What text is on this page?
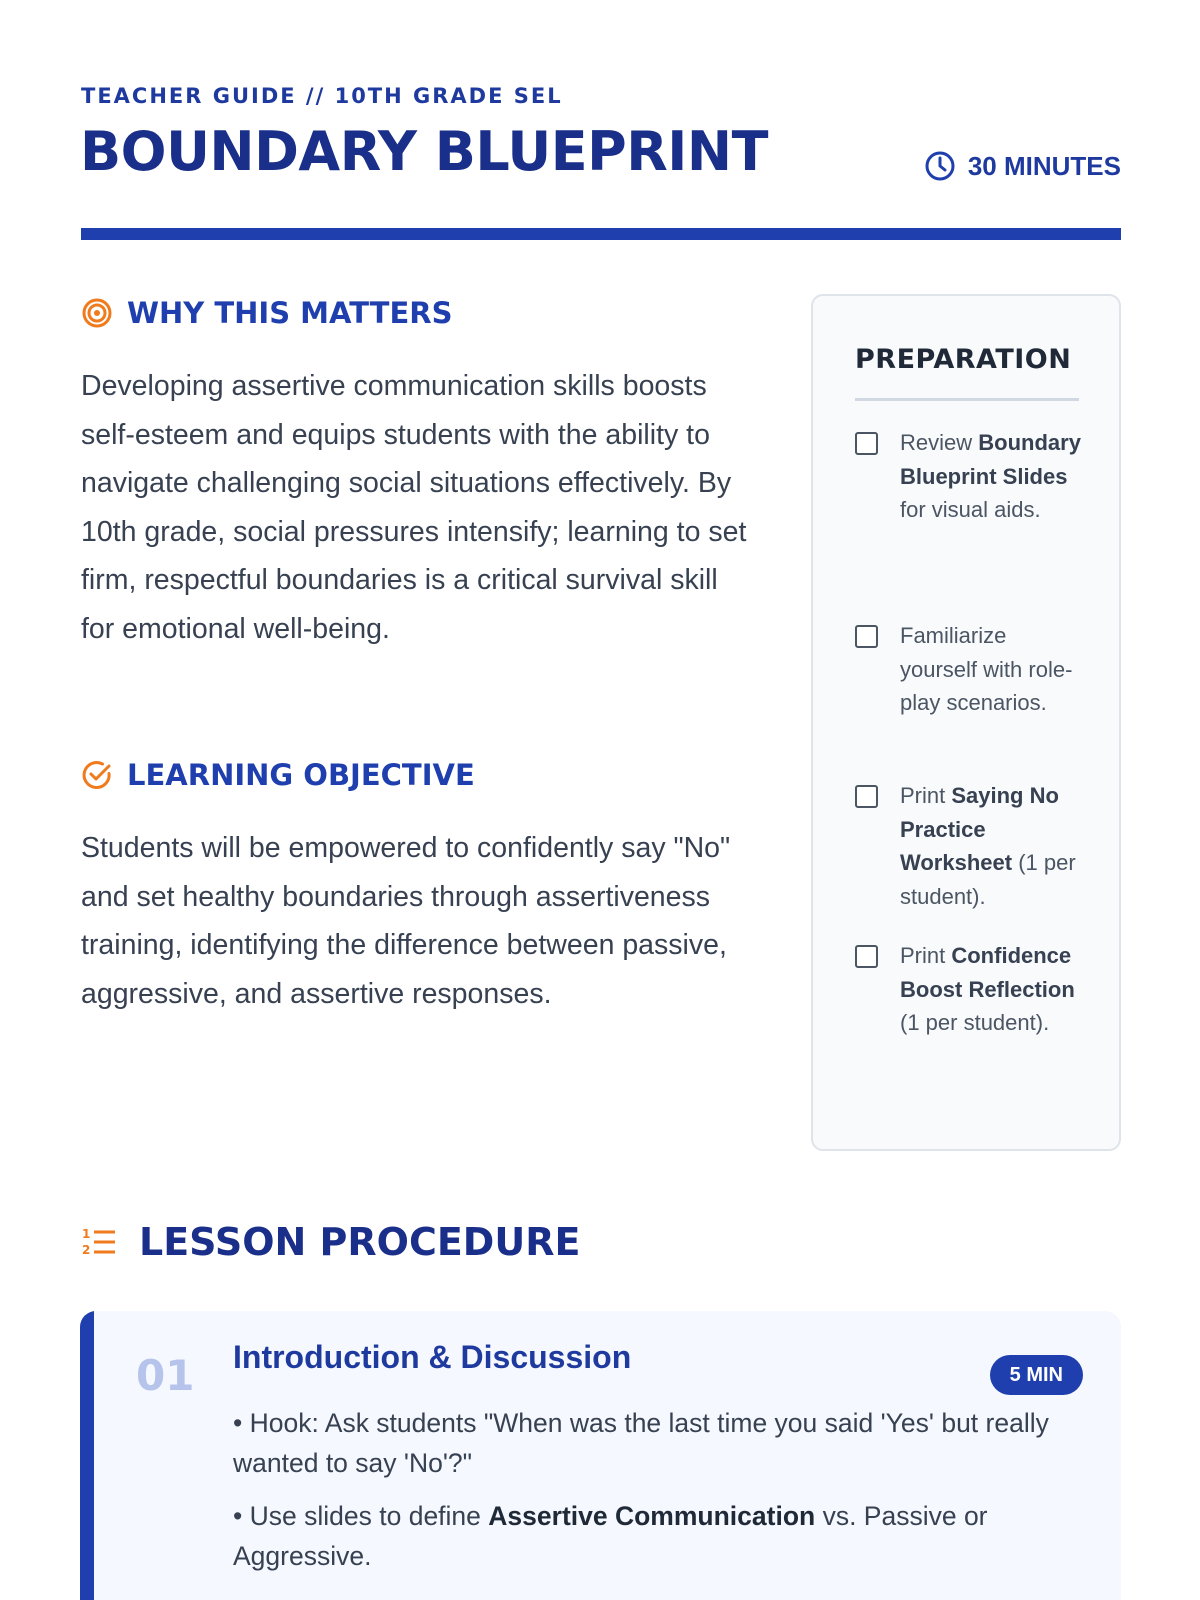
TEACHER GUIDE // 10TH GRADE SEL
BOUNDARY BLUEPRINT	30 MINUTES
WHY THIS MATTERS

Developing assertive communication skills boosts self-esteem and equips students with the ability to navigate challenging social situations effectively. By 10th grade, social pressures intensify; learning to set firm, respectful boundaries is a critical survival skill for emotional well-being.

LEARNING OBJECTIVE

Students will be empowered to confidently say "No" and set healthy boundaries through assertiveness training, identifying the difference between passive, aggressive, and assertive responses.

PREPARATION
Review Boundary Blueprint Slides for visual aids.
Familiarize yourself with role-play scenarios.
Print Saying No Practice Worksheet (1 per student).
Print Confidence Boost Reflection (1 per student).
1
2 LESSON PROCEDURE
01 Introduction & Discussion	5 MIN
• Hook: Ask students "When was the last time you said 'Yes' but really wanted to say 'No'?"
• Use slides to define Assertive Communication vs. Passive or Aggressive.
